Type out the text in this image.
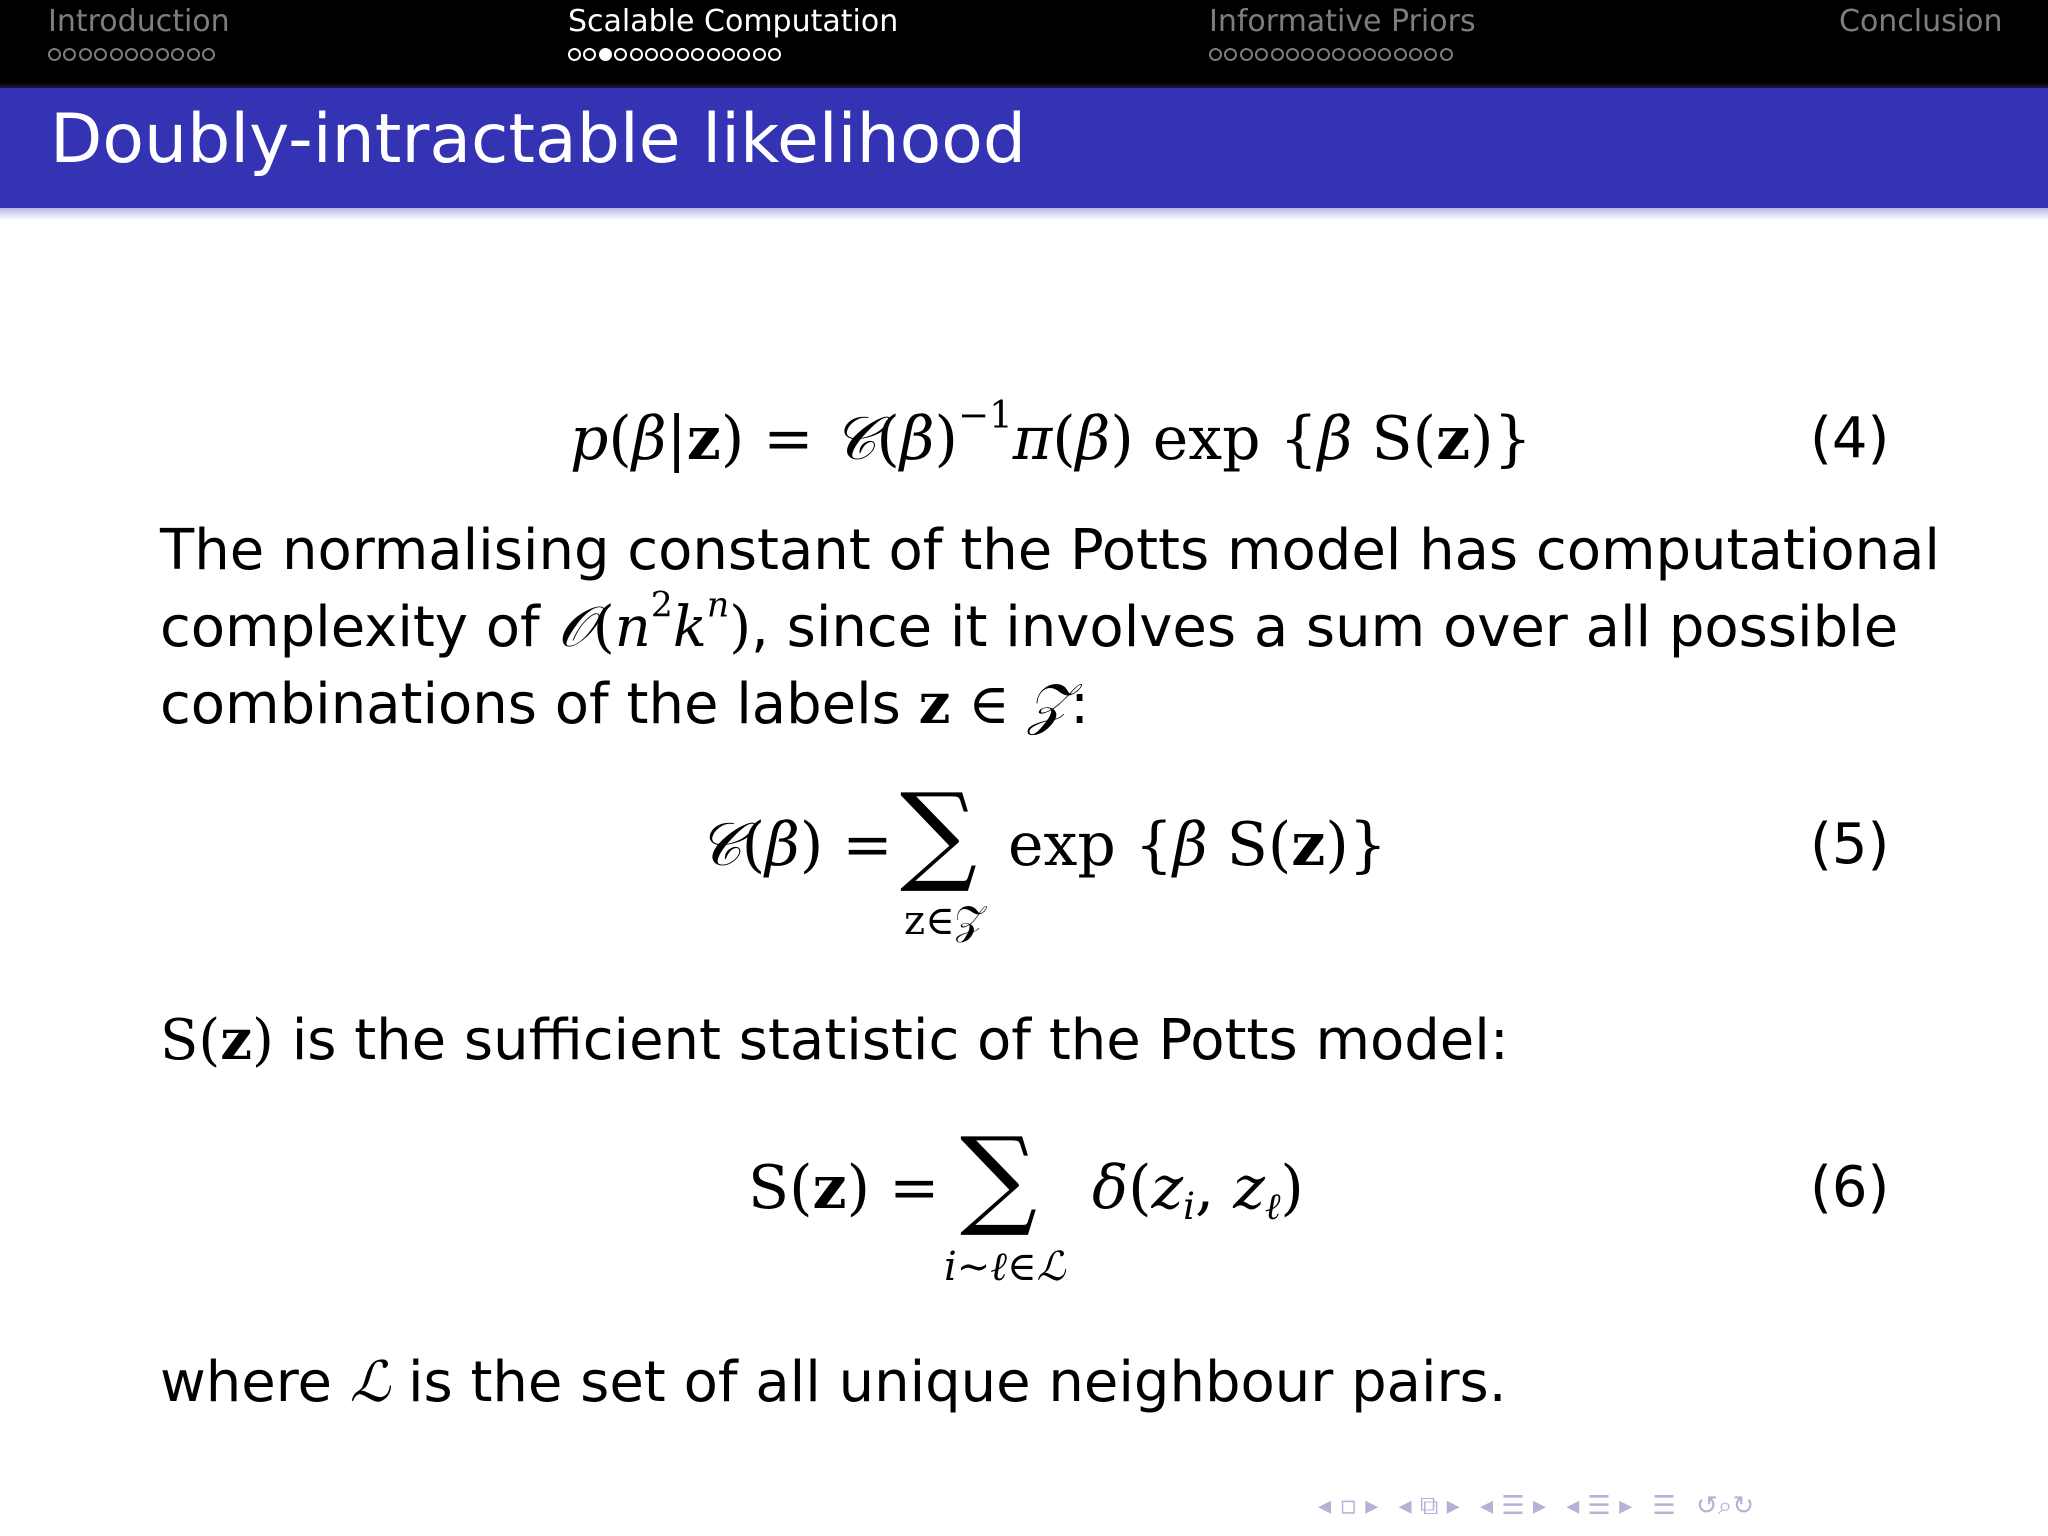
Introduction	Scalable Computation	Informative Priors	Conclusion
Doubly-intractable likelihood
$p(\beta|z) = 𝒞(\beta)^{-1}\pi(\beta)$ exp {β S(z)}	(4)
The normalising constant of the Potts model has computational
complexity of $𝒪(n^2k^n)$, since it involves a sum over all possible
combinations of the labels z ∈ 𝒵:
𝒞(β) = ∑
z∈𝒵
exp {β S(z)}	(5)
S(z) is the sufficient statistic of the Potts model:
S(z) = ∑
i∼ℓ∈ℒ
$\delta(z_i$, $z_\ell$)	(6)
where ℒ is the set of all unique neighbour pairs.
◂ ▫ ▸ ◂ ⧉ ▸ ◂ ☰ ▸ ◂ ☰ ▸ ☰ ↺⌕↻
